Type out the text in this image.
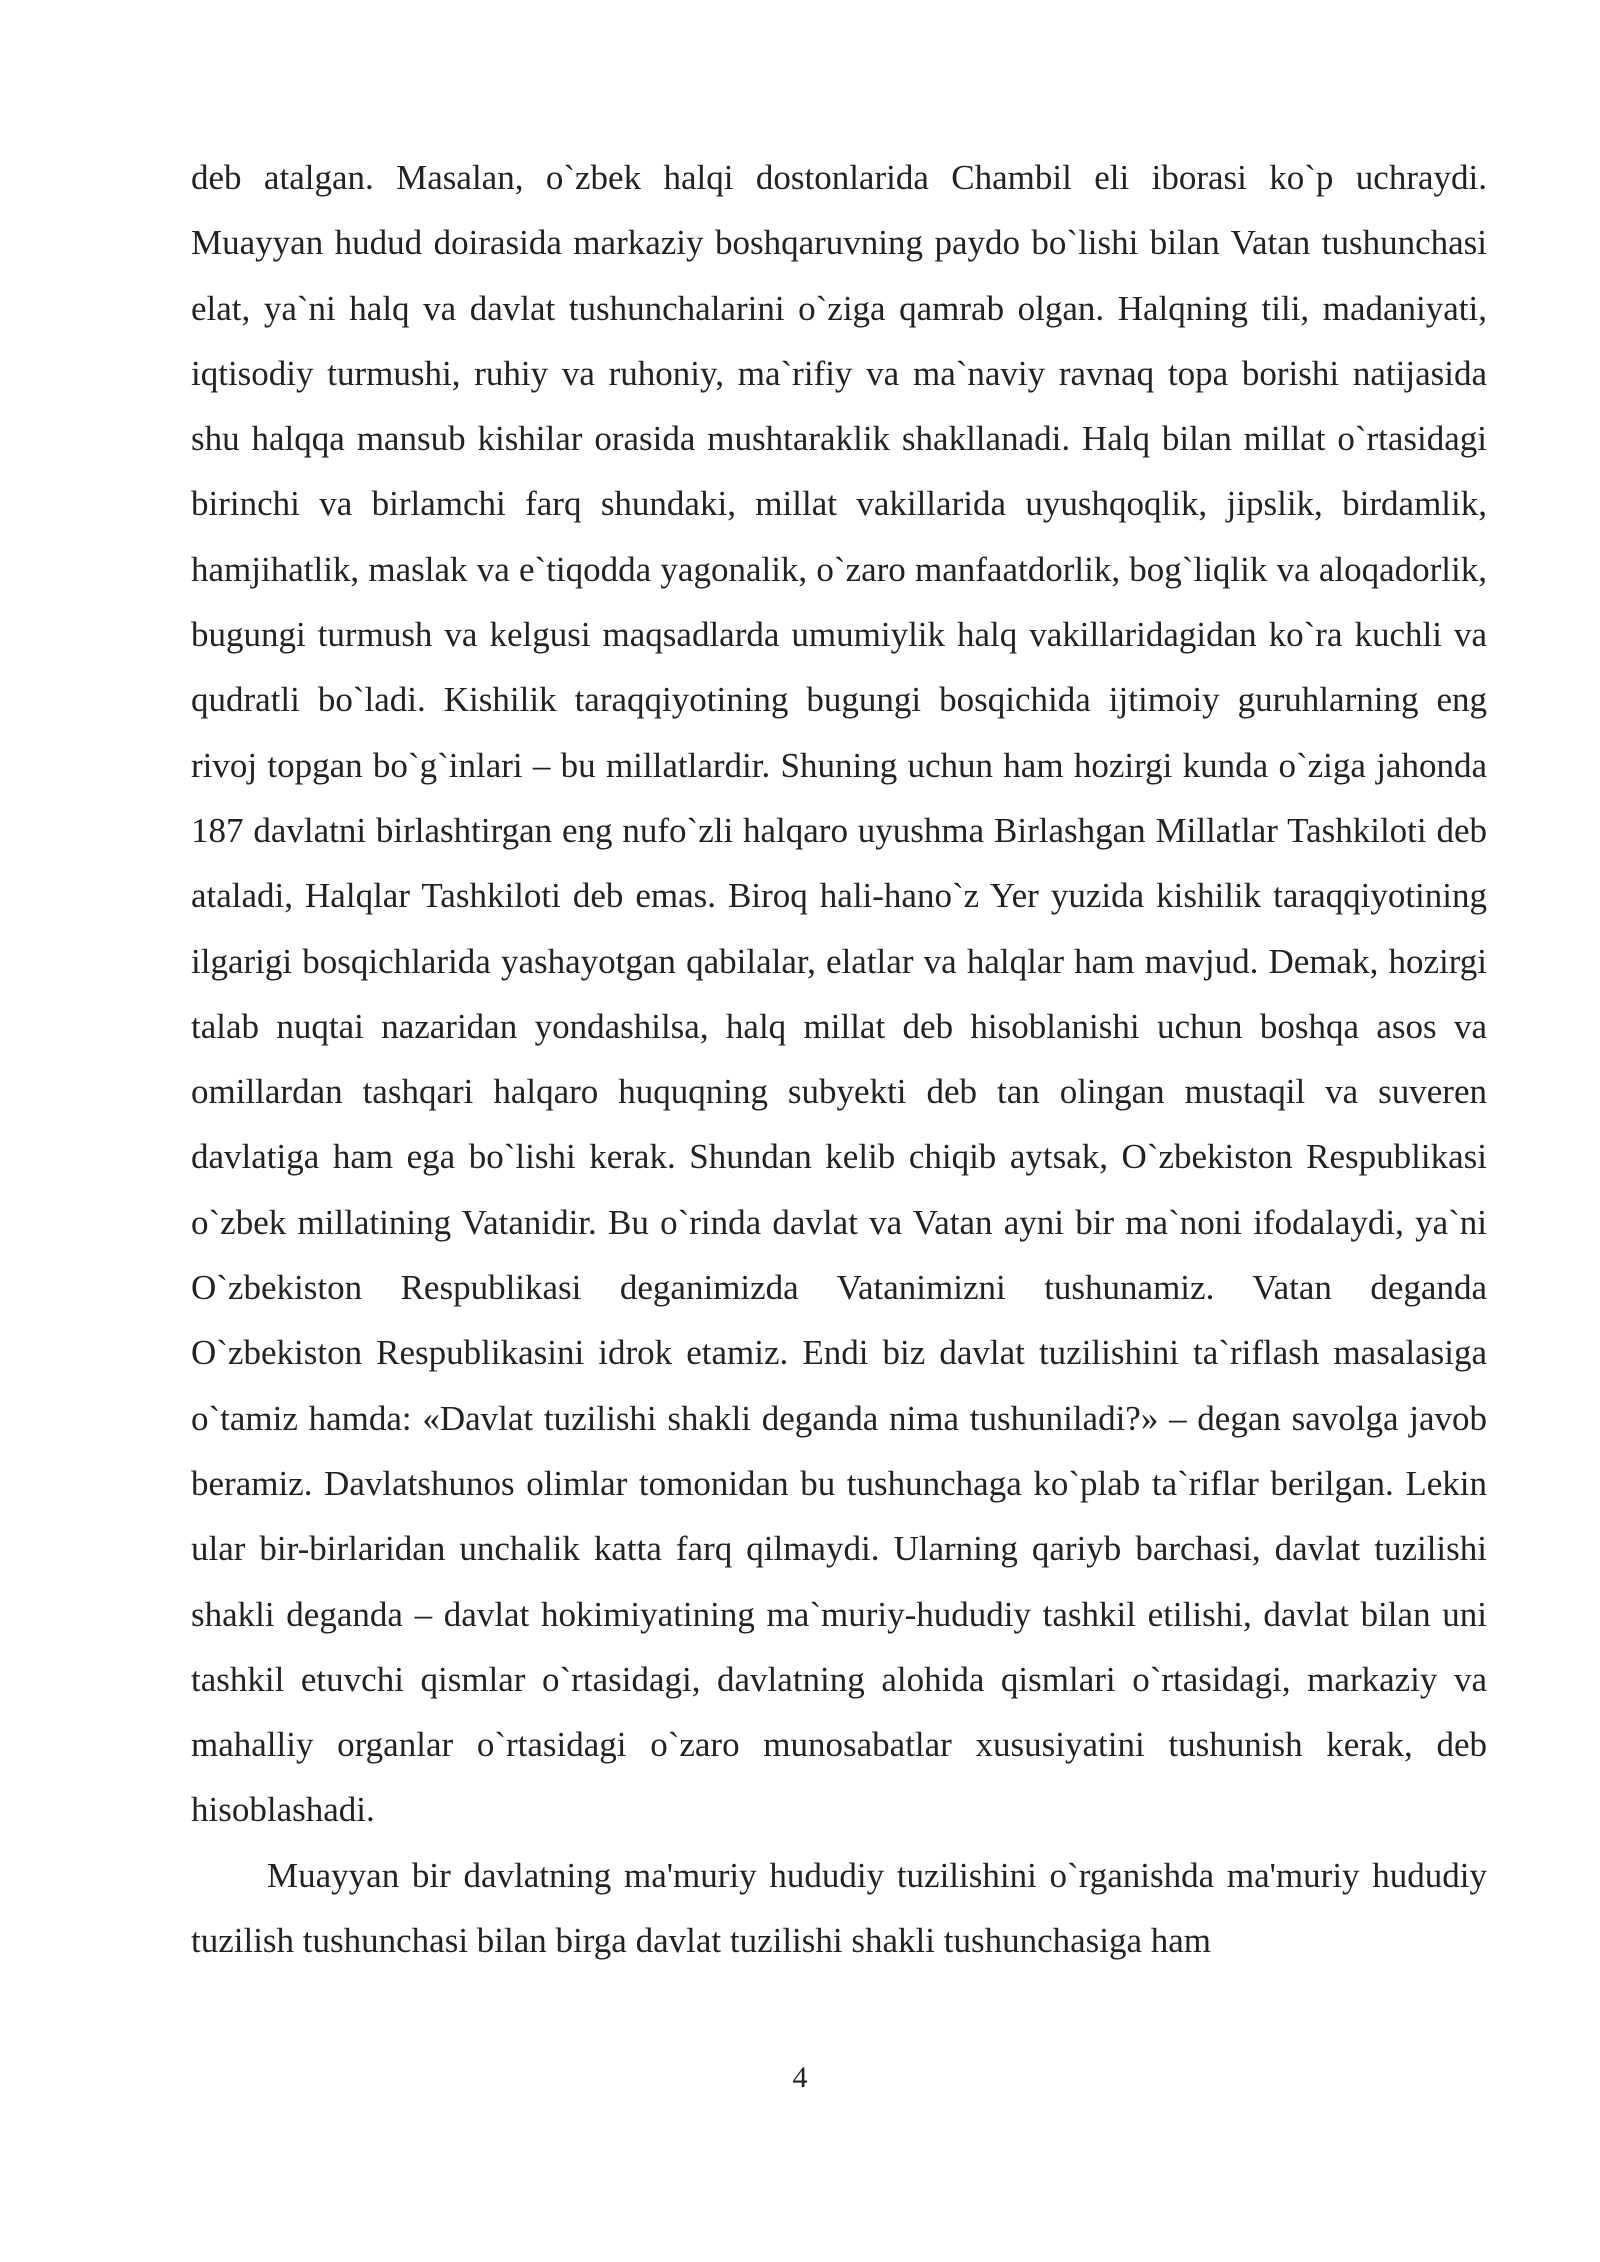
deb atalgan. Masalan, o`zbek halqi dostonlarida Chambil eli iborasi ko`p uchraydi. Muayyan hudud doirasida markaziy boshqaruvning paydo bo`lishi bilan Vatan tushunchasi elat, ya`ni halq va davlat tushunchalarini o`ziga qamrab olgan. Halqning tili, madaniyati, iqtisodiy turmushi, ruhiy va ruhoniy, ma`rifiy va ma`naviy ravnaq topa borishi natijasida shu halqqa mansub kishilar orasida mushtaraklik shakllanadi. Halq bilan millat o`rtasidagi birinchi va birlamchi farq shundaki, millat vakillarida uyushqoqlik, jipslik, birdamlik, hamjihatlik, maslak va e`tiqodda yagonalik, o`zaro manfaatdorlik, bog`liqlik va aloqadorlik, bugungi turmush va kelgusi maqsadlarda umumiylik halq vakillaridagidan ko`ra kuchli va qudratli bo`ladi. Kishilik taraqqiyotining bugungi bosqichida ijtimoiy guruhlarning eng rivoj topgan bo`g`inlari – bu millatlardir. Shuning uchun ham hozirgi kunda o`ziga jahonda 187 davlatni birlashtirgan eng nufo`zli halqaro uyushma Birlashgan Millatlar Tashkiloti deb ataladi, Halqlar Tashkiloti deb emas. Biroq hali-hano`z Yer yuzida kishilik taraqqiyotining ilgarigi bosqichlarida yashayotgan qabilalar, elatlar va halqlar ham mavjud. Demak, hozirgi talab nuqtai nazaridan yondashilsa, halq millat deb hisoblanishi uchun boshqa asos va omillardan tashqari halqaro huquqning subyekti deb tan olingan mustaqil va suveren davlatiga ham ega bo`lishi kerak. Shundan kelib chiqib aytsak, O`zbekiston Respublikasi o`zbek millatining Vatanidir. Bu o`rinda davlat va Vatan ayni bir ma`noni ifodalaydi, ya`ni O`zbekiston Respublikasi deganimizda Vatanimizni tushunamiz. Vatan deganda O`zbekiston Respublikasini idrok etamiz. Endi biz davlat tuzilishini ta`riflash masalasiga o`tamiz hamda: «Davlat tuzilishi shakli deganda nima tushuniladi?» – degan savolga javob beramiz. Davlatshunos olimlar tomonidan bu tushunchaga ko`plab ta`riflar berilgan. Lekin ular bir-birlaridan unchalik katta farq qilmaydi. Ularning qariyb barchasi, davlat tuzilishi shakli deganda – davlat hokimiyatining ma`muriy-hududiy tashkil etilishi, davlat bilan uni tashkil etuvchi qismlar o`rtasidagi, davlatning alohida qismlari o`rtasidagi, markaziy va mahalliy organlar o`rtasidagi o`zaro munosabatlar xususiyatini tushunish kerak, deb hisoblashadi.

Muayyan bir davlatning ma'muriy hududiy tuzilishini o`rganishda ma'muriy hududiy tuzilish tushunchasi bilan birga davlat tuzilishi shakli tushunchasiga ham

4
